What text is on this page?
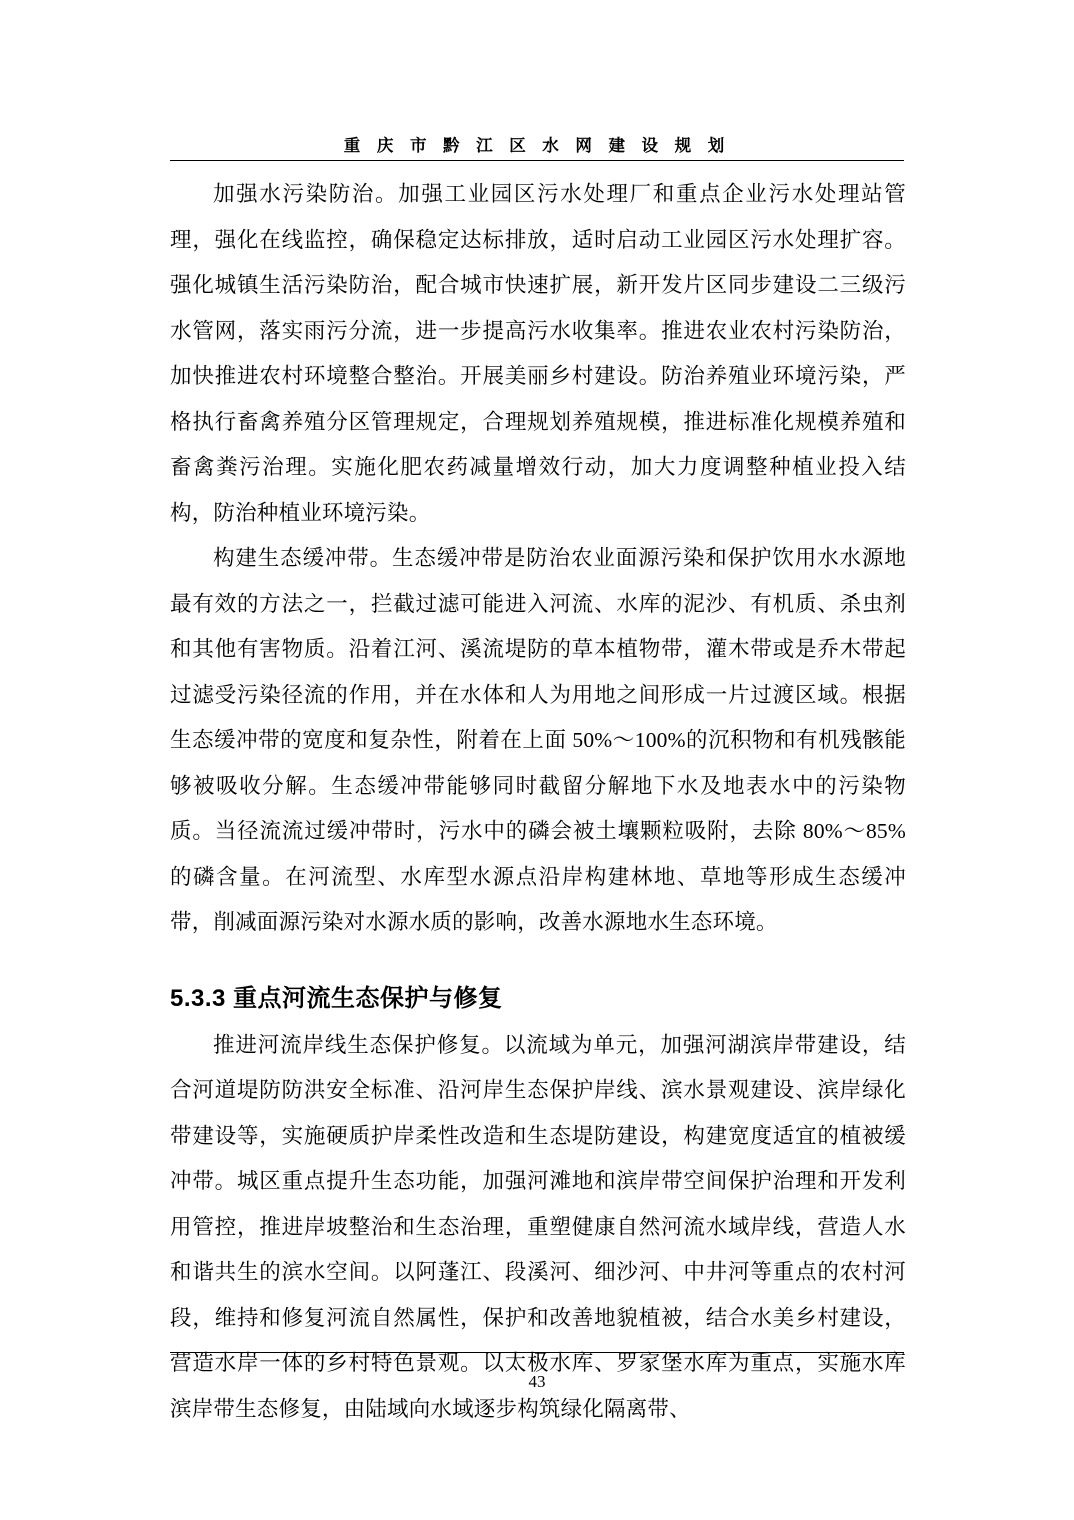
重 庆 市 黔 江 区 水 网 建 设 规 划

加强水污染防治。加强工业园区污水处理厂和重点企业污水处理站管理，强化在线监控，确保稳定达标排放，适时启动工业园区污水处理扩容。强化城镇生活污染防治，配合城市快速扩展，新开发片区同步建设二三级污水管网，落实雨污分流，进一步提高污水收集率。推进农业农村污染防治，加快推进农村环境整合整治。开展美丽乡村建设。防治养殖业环境污染，严格执行畜禽养殖分区管理规定，合理规划养殖规模，推进标准化规模养殖和畜禽粪污治理。实施化肥农药减量增效行动，加大力度调整种植业投入结构，防治种植业环境污染。

构建生态缓冲带。生态缓冲带是防治农业面源污染和保护饮用水水源地最有效的方法之一，拦截过滤可能进入河流、水库的泥沙、有机质、杀虫剂和其他有害物质。沿着江河、溪流堤防的草本植物带，灌木带或是乔木带起过滤受污染径流的作用，并在水体和人为用地之间形成一片过渡区域。根据生态缓冲带的宽度和复杂性，附着在上面 50%～100%的沉积物和有机残骸能够被吸收分解。生态缓冲带能够同时截留分解地下水及地表水中的污染物质。当径流流过缓冲带时，污水中的磷会被土壤颗粒吸附，去除 80%～85%的磷含量。在河流型、水库型水源点沿岸构建林地、草地等形成生态缓冲带，削减面源污染对水源水质的影响，改善水源地水生态环境。

5.3.3 重点河流生态保护与修复

推进河流岸线生态保护修复。以流域为单元，加强河湖滨岸带建设，结合河道堤防防洪安全标准、沿河岸生态保护岸线、滨水景观建设、滨岸绿化带建设等，实施硬质护岸柔性改造和生态堤防建设，构建宽度适宜的植被缓冲带。城区重点提升生态功能，加强河滩地和滨岸带空间保护治理和开发利用管控，推进岸坡整治和生态治理，重塑健康自然河流水域岸线，营造人水和谐共生的滨水空间。以阿蓬江、段溪河、细沙河、中井河等重点的农村河段，维持和修复河流自然属性，保护和改善地貌植被，结合水美乡村建设，营造水岸一体的乡村特色景观。以太极水库、罗家堡水库为重点，实施水库滨岸带生态修复，由陆域向水域逐步构筑绿化隔离带、

43
